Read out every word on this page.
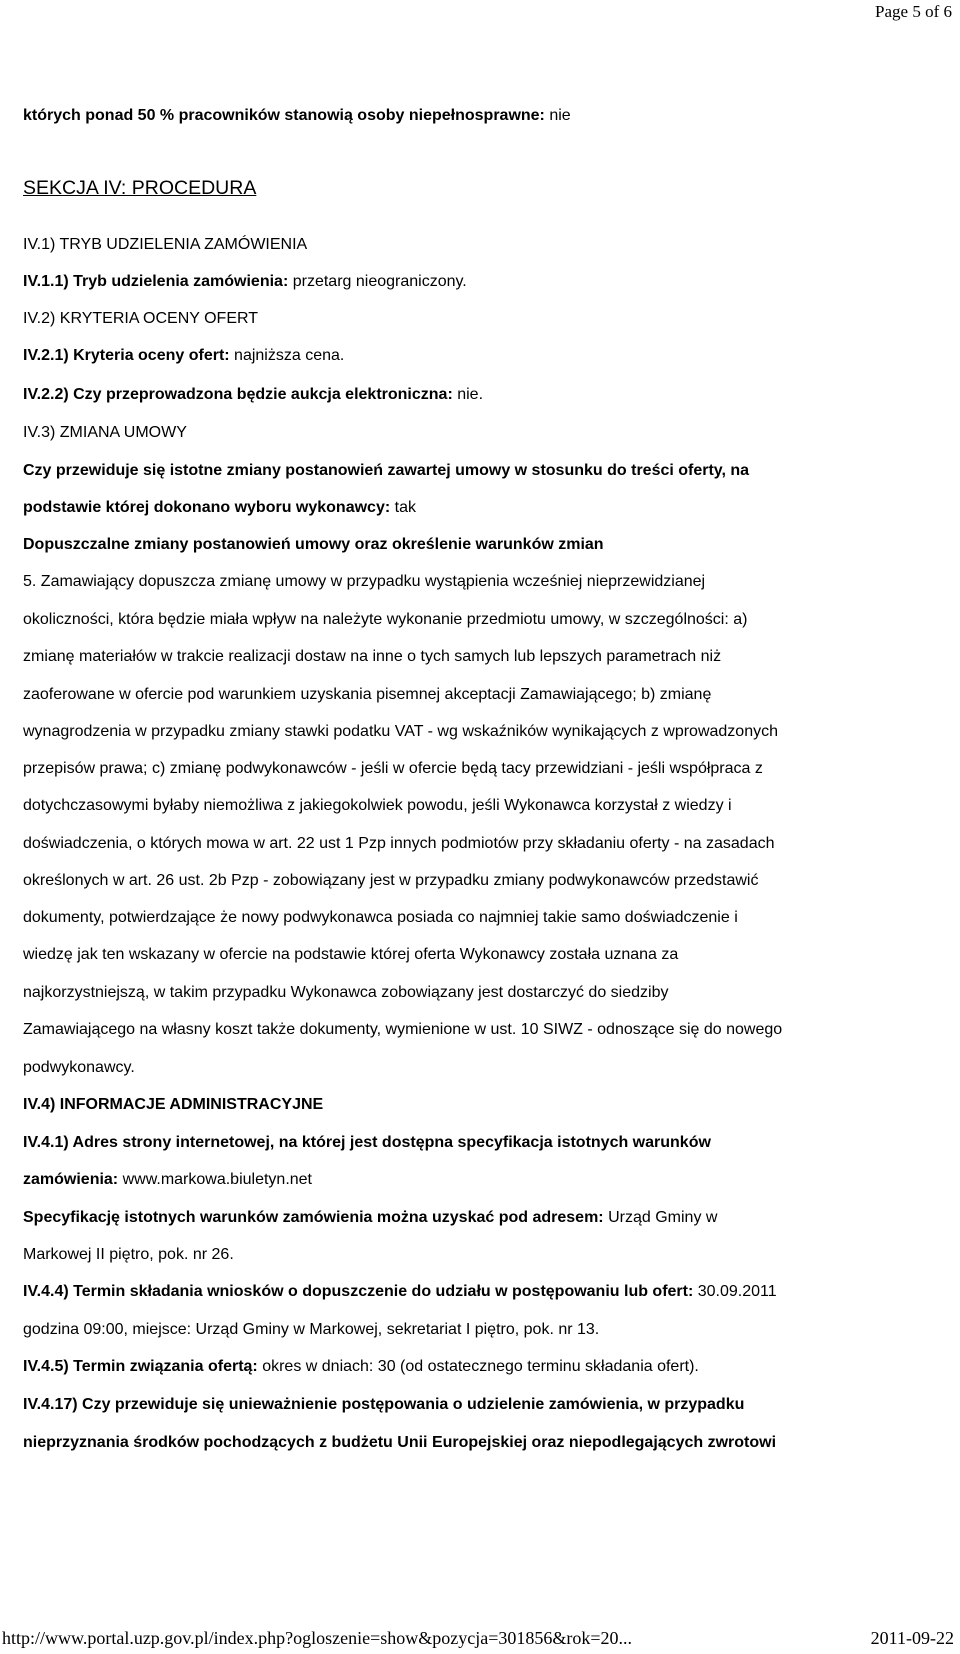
Page 5 of 6
których ponad 50 % pracowników stanowią osoby niepełnosprawne: nie
SEKCJA IV: PROCEDURA
IV.1) TRYB UDZIELENIA ZAMÓWIENIA
IV.1.1) Tryb udzielenia zamówienia: przetarg nieograniczony.
IV.2) KRYTERIA OCENY OFERT
IV.2.1) Kryteria oceny ofert: najniższa cena.
IV.2.2) Czy przeprowadzona będzie aukcja elektroniczna: nie.
IV.3) ZMIANA UMOWY
Czy przewiduje się istotne zmiany postanowień zawartej umowy w stosunku do treści oferty, na
podstawie której dokonano wyboru wykonawcy: tak
Dopuszczalne zmiany postanowień umowy oraz określenie warunków zmian
5. Zamawiający dopuszcza zmianę umowy w przypadku wystąpienia wcześniej nieprzewidzianej
okoliczności, która będzie miała wpływ na należyte wykonanie przedmiotu umowy, w szczególności: a)
zmianę materiałów w trakcie realizacji dostaw na inne o tych samych lub lepszych parametrach niż
zaoferowane w ofercie pod warunkiem uzyskania pisemnej akceptacji Zamawiającego; b) zmianę
wynagrodzenia w przypadku zmiany stawki podatku VAT - wg wskaźników wynikających z wprowadzonych
przepisów prawa; c) zmianę podwykonawców - jeśli w ofercie będą tacy przewidziani - jeśli współpraca z
dotychczasowymi byłaby niemożliwa z jakiegokolwiek powodu, jeśli Wykonawca korzystał z wiedzy i
doświadczenia, o których mowa w art. 22 ust 1 Pzp innych podmiotów przy składaniu oferty - na zasadach
określonych w art. 26 ust. 2b Pzp - zobowiązany jest w przypadku zmiany podwykonawców przedstawić
dokumenty, potwierdzające że nowy podwykonawca posiada co najmniej takie samo doświadczenie i
wiedzę jak ten wskazany w ofercie na podstawie której oferta Wykonawcy została uznana za
najkorzystniejszą, w takim przypadku Wykonawca zobowiązany jest dostarczyć do siedziby
Zamawiającego na własny koszt także dokumenty, wymienione w ust. 10 SIWZ - odnoszące się do nowego
podwykonawcy.
IV.4) INFORMACJE ADMINISTRACYJNE
IV.4.1) Adres strony internetowej, na której jest dostępna specyfikacja istotnych warunków
zamówienia: www.markowa.biuletyn.net
Specyfikację istotnych warunków zamówienia można uzyskać pod adresem: Urząd Gminy w
Markowej II piętro, pok. nr 26.
IV.4.4) Termin składania wniosków o dopuszczenie do udziału w postępowaniu lub ofert: 30.09.2011
godzina 09:00, miejsce: Urząd Gminy w Markowej, sekretariat I piętro, pok. nr 13.
IV.4.5) Termin związania ofertą: okres w dniach: 30 (od ostatecznego terminu składania ofert).
IV.4.17) Czy przewiduje się unieważnienie postępowania o udzielenie zamówienia, w przypadku
nieprzyznania środków pochodzących z budżetu Unii Europejskiej oraz niepodlegających zwrotowi
http://www.portal.uzp.gov.pl/index.php?ogloszenie=show&pozycja=301856&rok=20...	2011-09-22
